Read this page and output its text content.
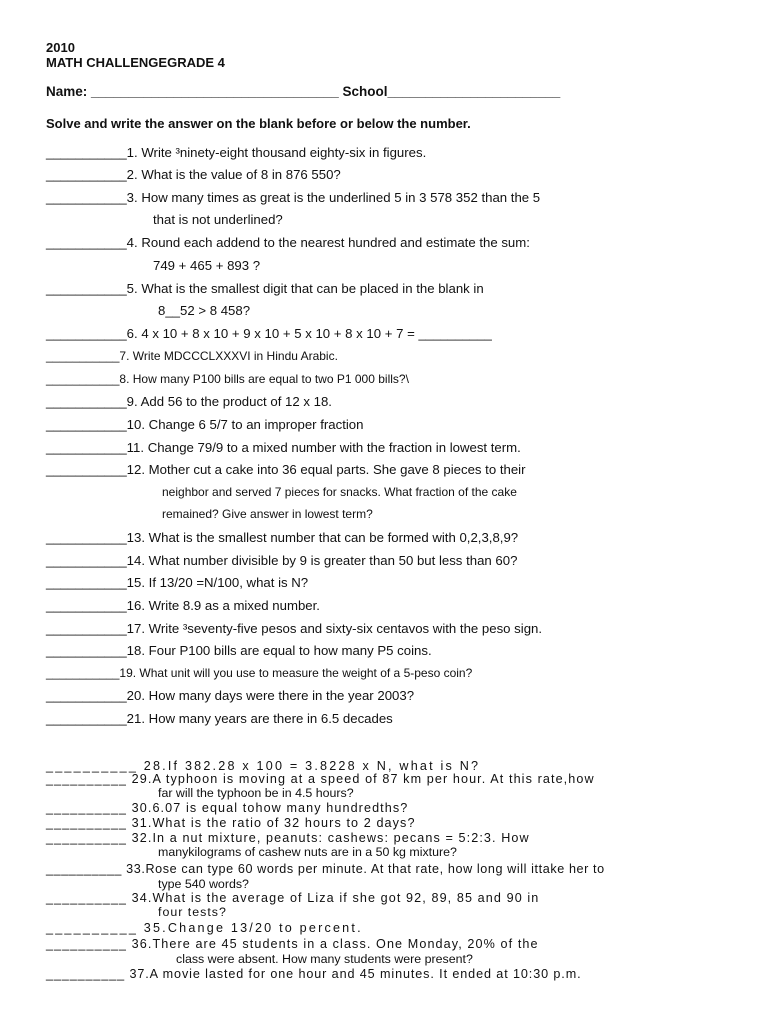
2010
MATH CHALLENGEGRADE 4
Name: _________________________________ School_______________________
Solve and write the answer on the blank before or below the number.
___________1. Write ³ninety-eight thousand eighty-six in figures.
___________2. What is the value of 8 in 876 550?
___________3. How many times as great is the underlined 5 in 3 578 352 than the 5
that is not underlined?
___________4. Round each addend to the nearest hundred and estimate the sum:
749 + 465 + 893 ?
___________5. What is the smallest digit that can be placed in the blank in
8__52 > 8 458?
___________6. 4 x 10 + 8 x 10 + 9 x 10 + 5 x 10 + 8 x 10 + 7 = __________
___________7. Write MDCCCLXXXVI in Hindu Arabic.
___________8. How many P100 bills are equal to two P1 000 bills?\
___________9. Add 56 to the product of 12 x 18.
___________10. Change 6 5/7 to an improper fraction
___________11. Change 79/9 to a mixed number with the fraction in lowest term.
___________12. Mother cut a cake into 36 equal parts. She gave 8 pieces to their
neighbor and served 7 pieces for snacks. What fraction of the cake
remained? Give answer in lowest term?
___________13. What is the smallest number that can be formed with 0,2,3,8,9?
___________14. What number divisible by 9 is greater than 50 but less than 60?
___________15. If 13/20 =N/100, what is N?
___________16. Write 8.9 as a mixed number.
___________17. Write ³seventy-five pesos and sixty-six centavos with the peso sign.
___________18. Four P100 bills are equal to how many P5 coins.
___________19. What unit will you use to measure the weight of a 5-peso coin?
___________20. How many days were there in the year 2003?
___________21. How many years are there in 6.5 decades
__________ 28.If 382.28 x 100 = 3.8228 x N, what is N?
__________ 29.A typhoon is moving at a speed of 87 km per hour. At this rate,how
far will the typhoon be in 4.5 hours?
__________ 30.6.07 is equal tohow many hundredths?
__________ 31.What is the ratio of 32 hours to 2 days?
__________ 32.In a nut mixture, peanuts: cashews: pecans = 5:2:3. How
manykilograms of cashew nuts are in a 50 kg mixture?
__________ 33.Rose can type 60 words per minute. At that rate, how long will ittake her to
type 540 words?
__________ 34.What is the average of Liza if she got 92, 89, 85 and 90 in
four tests?
__________ 35.Change 13/20 to percent.
__________ 36.There are 45 students in a class. One Monday, 20% of the
class were absent. How many students were present?
__________ 37.A movie lasted for one hour and 45 minutes. It ended at 10:30 p.m.
